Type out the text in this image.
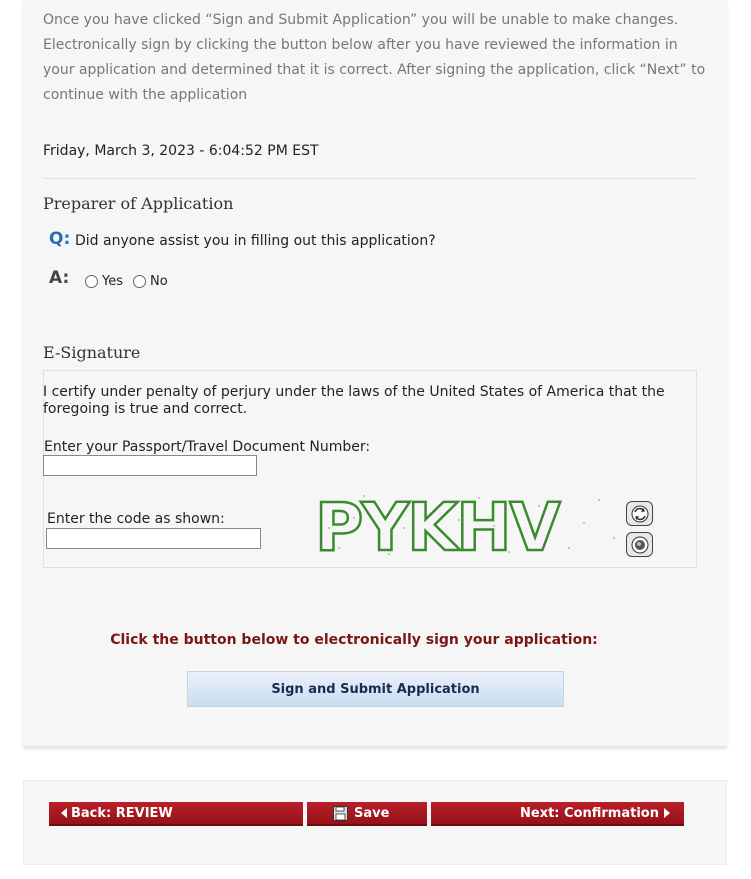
Once you have clicked “Sign and Submit Application” you will be unable to make changes. Electronically sign by clicking the button below after you have reviewed the information in your application and determined that it is correct. After signing the application, click “Next” to continue with the application
Friday, March 3, 2023 - 6:04:52 PM EST
Preparer of Application
Q: Did anyone assist you in filling out this application?
A:	Yes No
E-Signature
I certify under penalty of perjury under the laws of the United States of America that the foregoing is true and correct.
Enter your Passport/Travel Document Number:
Enter the code as shown: PYKHV
Click the button below to electronically sign your application:
Sign and Submit Application
Back: REVIEW	Save	Next: Confirmation
